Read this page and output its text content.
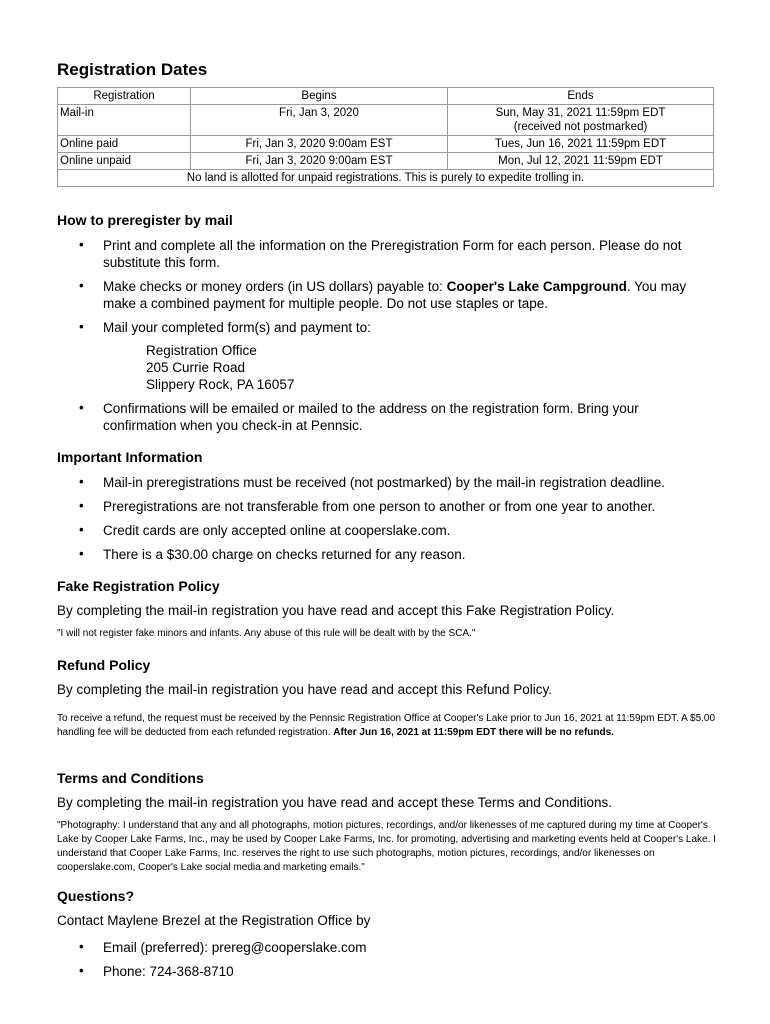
Registration Dates
Registration	Begins	Ends
Mail-in	Fri, Jan 3, 2020	Sun, May 31, 2021 11:59pm EDT
(received not postmarked)

Online paid	Fri, Jan 3, 2020 9:00am EST	Tues, Jun 16, 2021 11:59pm EDT
Online unpaid	Fri, Jan 3, 2020 9:00am EST	Mon, Jul 12, 2021 11:59pm EDT
No land is allotted for unpaid registrations. This is purely to expedite trolling in.		
How to preregister by mail
• Print and complete all the information on the Preregistration Form for each person. Please do not substitute this form.
• Make checks or money orders (in US dollars) payable to: Cooper's Lake Campground. You may make a combined payment for multiple people. Do not use staples or tape.
• Mail your completed form(s) and payment to:
Registration Office
205 Currie Road
Slippery Rock, PA 16057
• Confirmations will be emailed or mailed to the address on the registration form. Bring your confirmation when you check-in at Pennsic.
Important Information
• Mail-in preregistrations must be received (not postmarked) by the mail-in registration deadline.
• Preregistrations are not transferable from one person to another or from one year to another.
• Credit cards are only accepted online at cooperslake.com.
• There is a $30.00 charge on checks returned for any reason.
Fake Registration Policy
By completing the mail-in registration you have read and accept this Fake Registration Policy.
"I will not register fake minors and infants. Any abuse of this rule will be dealt with by the SCA."
Refund Policy
By completing the mail-in registration you have read and accept this Refund Policy.
To receive a refund, the request must be received by the Pennsic Registration Office at Cooper's Lake prior to Jun 16, 2021 at 11:59pm EDT. A $5.00 handling fee will be deducted from each refunded registration. After Jun 16, 2021 at 11:59pm EDT there will be no refunds.
Terms and Conditions
By completing the mail-in registration you have read and accept these Terms and Conditions.
"Photography: I understand that any and all photographs, motion pictures, recordings, and/or likenesses of me captured during my time at Cooper's Lake by Cooper Lake Farms, Inc., may be used by Cooper Lake Farms, Inc. for promoting, advertising and marketing events held at Cooper's Lake. I understand that Cooper Lake Farms, Inc. reserves the right to use such photographs, motion pictures, recordings, and/or likenesses on cooperslake.com, Cooper's Lake social media and marketing emails."
Questions?
Contact Maylene Brezel at the Registration Office by
• Email (preferred): prereg@cooperslake.com
• Phone: 724-368-8710
